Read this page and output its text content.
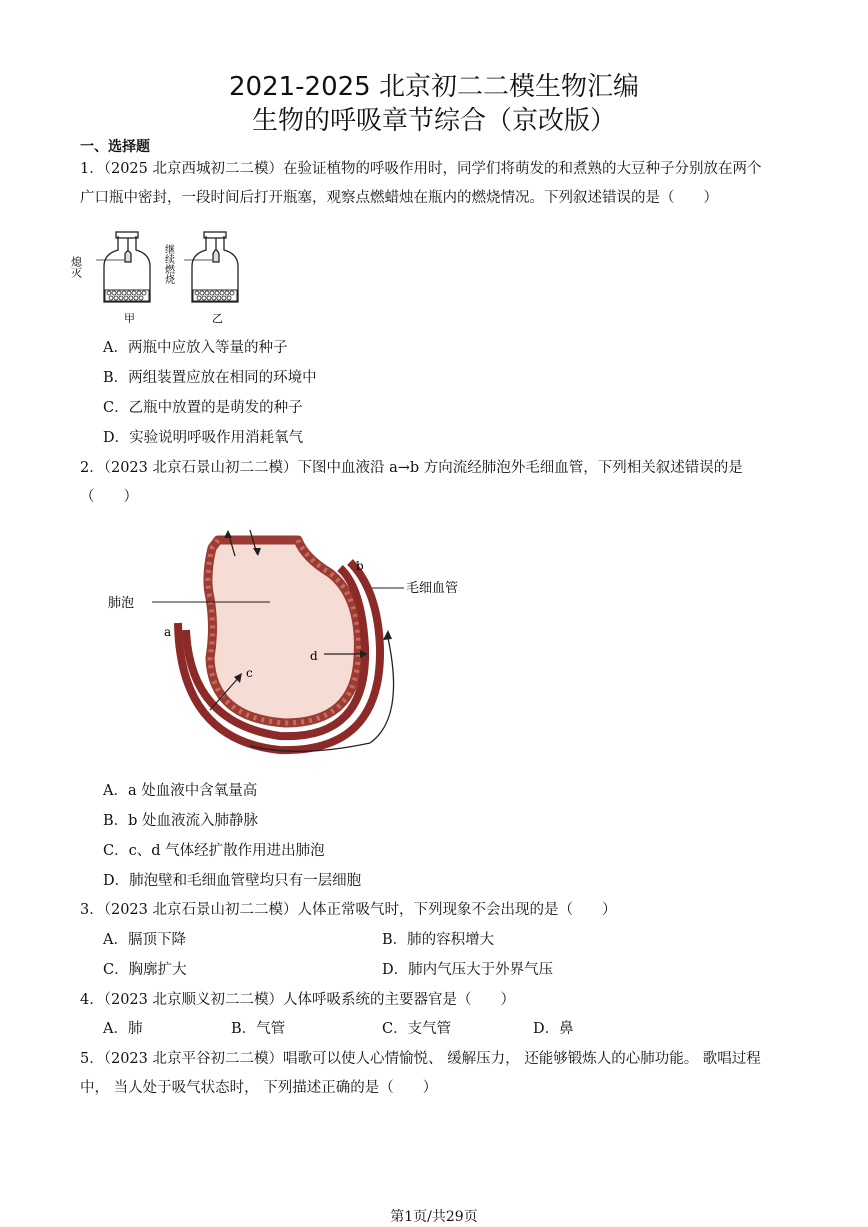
2021-2025 北京初二二模生物汇编
生物的呼吸章节综合（京改版）
一、选择题
1．（2025 北京西城初二二模）在验证植物的呼吸作用时，同学们将萌发的和煮熟的大豆种子分别放在两个
广口瓶中密封，一段时间后打开瓶塞，观察点燃蜡烛在瓶内的燃烧情况。下列叙述错误的是（　　）
熄灭
甲
继续燃烧
乙
A．两瓶中应放入等量的种子
B．两组装置应放在相同的环境中
C．乙瓶中放置的是萌发的种子
D．实验说明呼吸作用消耗氧气
2．（2023 北京石景山初二二模）下图中血液沿 a→b 方向流经肺泡外毛细血管，下列相关叙述错误的是
（　　）
c
d
肺泡
a
b
毛细血管
A．a 处血液中含氧量高
B．b 处血液流入肺静脉
C．c、d 气体经扩散作用进出肺泡
D．肺泡壁和毛细血管壁均只有一层细胞
3．（2023 北京石景山初二二模）人体正常吸气时，下列现象不会出现的是（　　）
A．膈顶下降	B．肺的容积增大
C．胸廓扩大	D．肺内气压大于外界气压
4．（2023 北京顺义初二二模）人体呼吸系统的主要器官是（　　）
A．肺	B．气管	C．支气管	D．鼻
5．（2023 北京平谷初二二模）唱歌可以使人心情愉悦、 缓解压力， 还能够锻炼人的心肺功能。 歌唱过程
中， 当人处于吸气状态时， 下列描述正确的是（　　）
第1页/共29页
